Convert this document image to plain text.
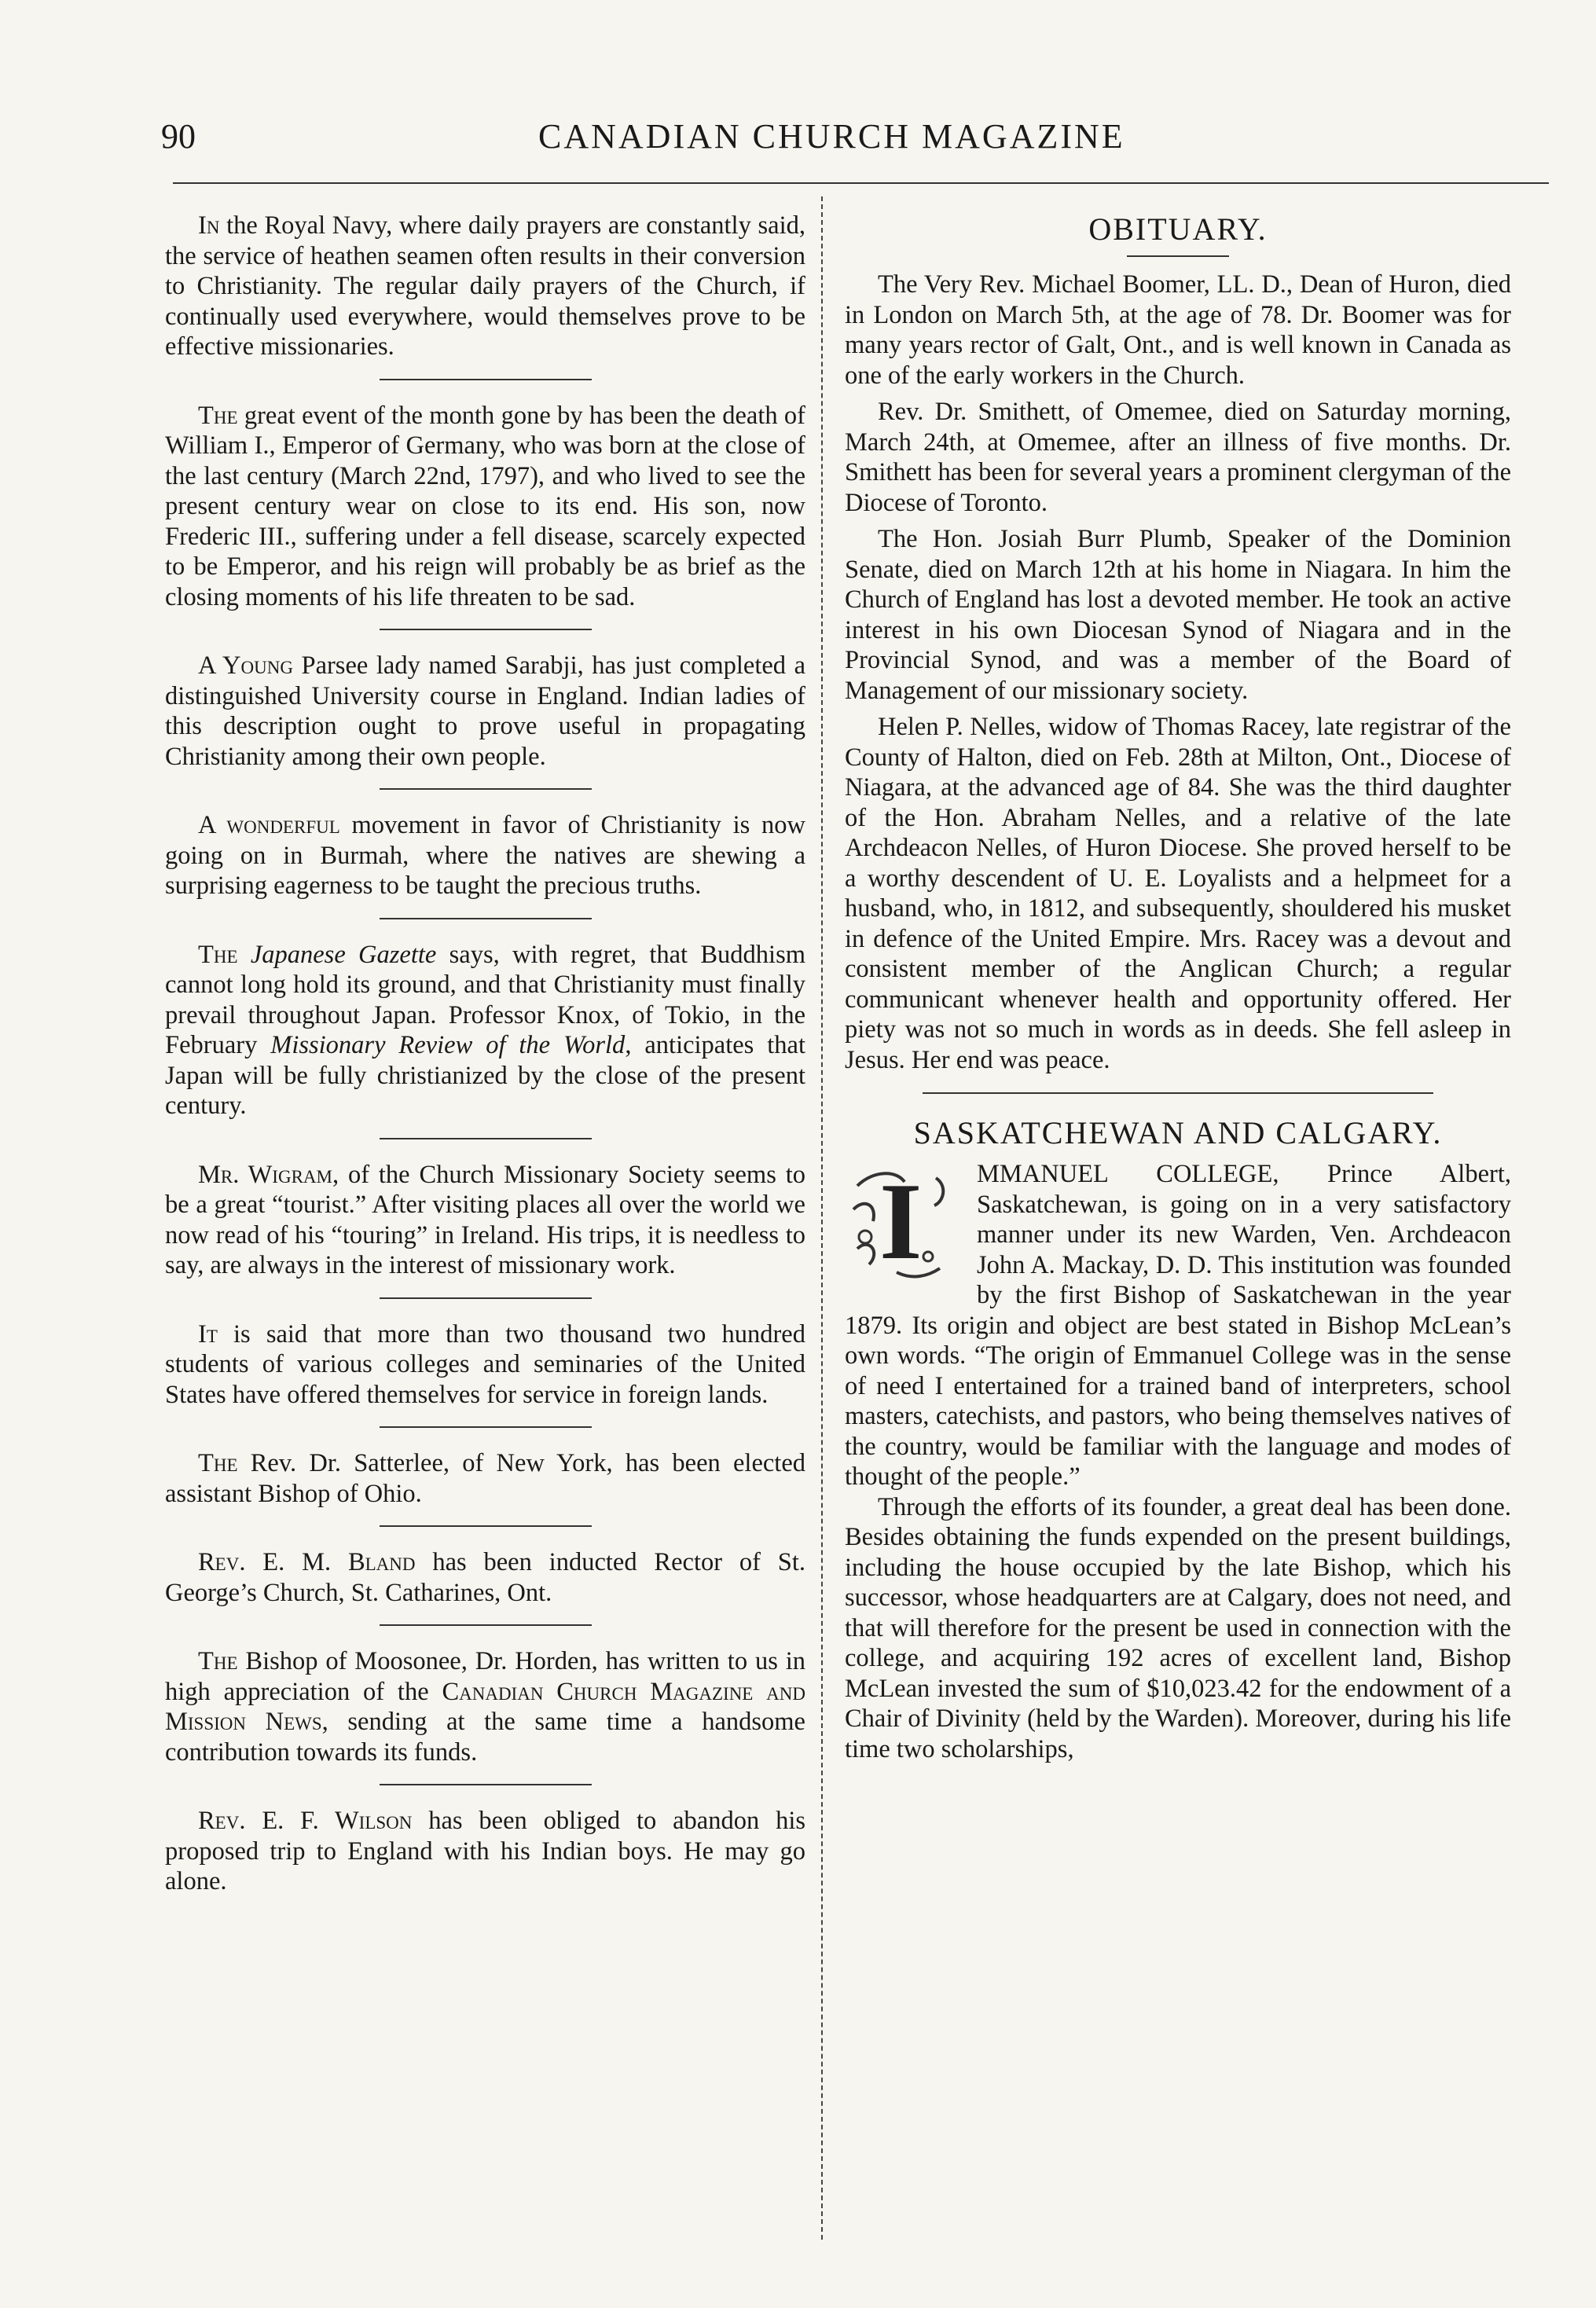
90	CANADIAN CHURCH MAGAZINE

In the Royal Navy, where daily prayers are constantly said, the service of heathen seamen often results in their conversion to Christianity. The regular daily prayers of the Church, if continually used everywhere, would themselves prove to be effective missionaries.

The great event of the month gone by has been the death of William I., Emperor of Germany, who was born at the close of the last century (March 22nd, 1797), and who lived to see the present century wear on close to its end. His son, now Frederic III., suffering under a fell disease, scarcely expected to be Emperor, and his reign will probably be as brief as the closing moments of his life threaten to be sad.

A Young Parsee lady named Sarabji, has just completed a distinguished University course in England. Indian ladies of this description ought to prove useful in propagating Christianity among their own people.

A wonderful movement in favor of Christianity is now going on in Burmah, where the natives are shewing a surprising eagerness to be taught the precious truths.

The Japanese Gazette says, with regret, that Buddhism cannot long hold its ground, and that Christianity must finally prevail throughout Japan. Professor Knox, of Tokio, in the February Missionary Review of the World, anticipates that Japan will be fully christianized by the close of the present century.

Mr. Wigram, of the Church Missionary Society seems to be a great “tourist.” After visiting places all over the world we now read of his “touring” in Ireland. His trips, it is needless to say, are always in the interest of missionary work.

It is said that more than two thousand two hundred students of various colleges and seminaries of the United States have offered themselves for service in foreign lands.

The Rev. Dr. Satterlee, of New York, has been elected assistant Bishop of Ohio.

Rev. E. M. Bland has been inducted Rector of St. George’s Church, St. Catharines, Ont.

The Bishop of Moosonee, Dr. Horden, has written to us in high appreciation of the Canadian Church Magazine and Mission News, sending at the same time a handsome contribution towards its funds.

Rev. E. F. Wilson has been obliged to abandon his proposed trip to England with his Indian boys. He may go alone.

OBITUARY.

The Very Rev. Michael Boomer, LL. D., Dean of Huron, died in London on March 5th, at the age of 78. Dr. Boomer was for many years rector of Galt, Ont., and is well known in Canada as one of the early workers in the Church.

Rev. Dr. Smithett, of Omemee, died on Saturday morning, March 24th, at Omemee, after an illness of five months. Dr. Smithett has been for several years a prominent clergyman of the Diocese of Toronto.

The Hon. Josiah Burr Plumb, Speaker of the Dominion Senate, died on March 12th at his home in Niagara. In him the Church of England has lost a devoted member. He took an active interest in his own Diocesan Synod of Niagara and in the Provincial Synod, and was a member of the Board of Management of our missionary society.

Helen P. Nelles, widow of Thomas Racey, late registrar of the County of Halton, died on Feb. 28th at Milton, Ont., Diocese of Niagara, at the advanced age of 84. She was the third daughter of the Hon. Abraham Nelles, and a relative of the late Archdeacon Nelles, of Huron Diocese. She proved herself to be a worthy descendent of U. E. Loyalists and a helpmeet for a husband, who, in 1812, and subsequently, shouldered his musket in defence of the United Empire. Mrs. Racey was a devout and consistent member of the Anglican Church; a regular communicant whenever health and opportunity offered. Her piety was not so much in words as in deeds. She fell asleep in Jesus. Her end was peace.

SASKATCHEWAN AND CALGARY.
I	MMANUEL COLLEGE, Prince Albert, Saskatchewan, is going on in a very satisfactory manner under its new Warden, Ven. Archdeacon John A. Mackay, D. D. This institution was founded by the first Bishop of Saskatchewan in the year 1879. Its origin and object are best stated in Bishop McLean’s own words. “The origin of Emmanuel College was in the sense of need I entertained for a trained band of interpreters, school masters, catechists, and pastors, who being themselves natives of the country, would be familiar with the language and modes of thought of the people.”

Through the efforts of its founder, a great deal has been done. Besides obtaining the funds expended on the present buildings, including the house occupied by the late Bishop, which his successor, whose headquarters are at Calgary, does not need, and that will therefore for the present be used in connection with the college, and acquiring 192 acres of excellent land, Bishop McLean invested the sum of $10,023.42 for the endowment of a Chair of Divinity (held by the Warden). Moreover, during his life time two scholarships,
